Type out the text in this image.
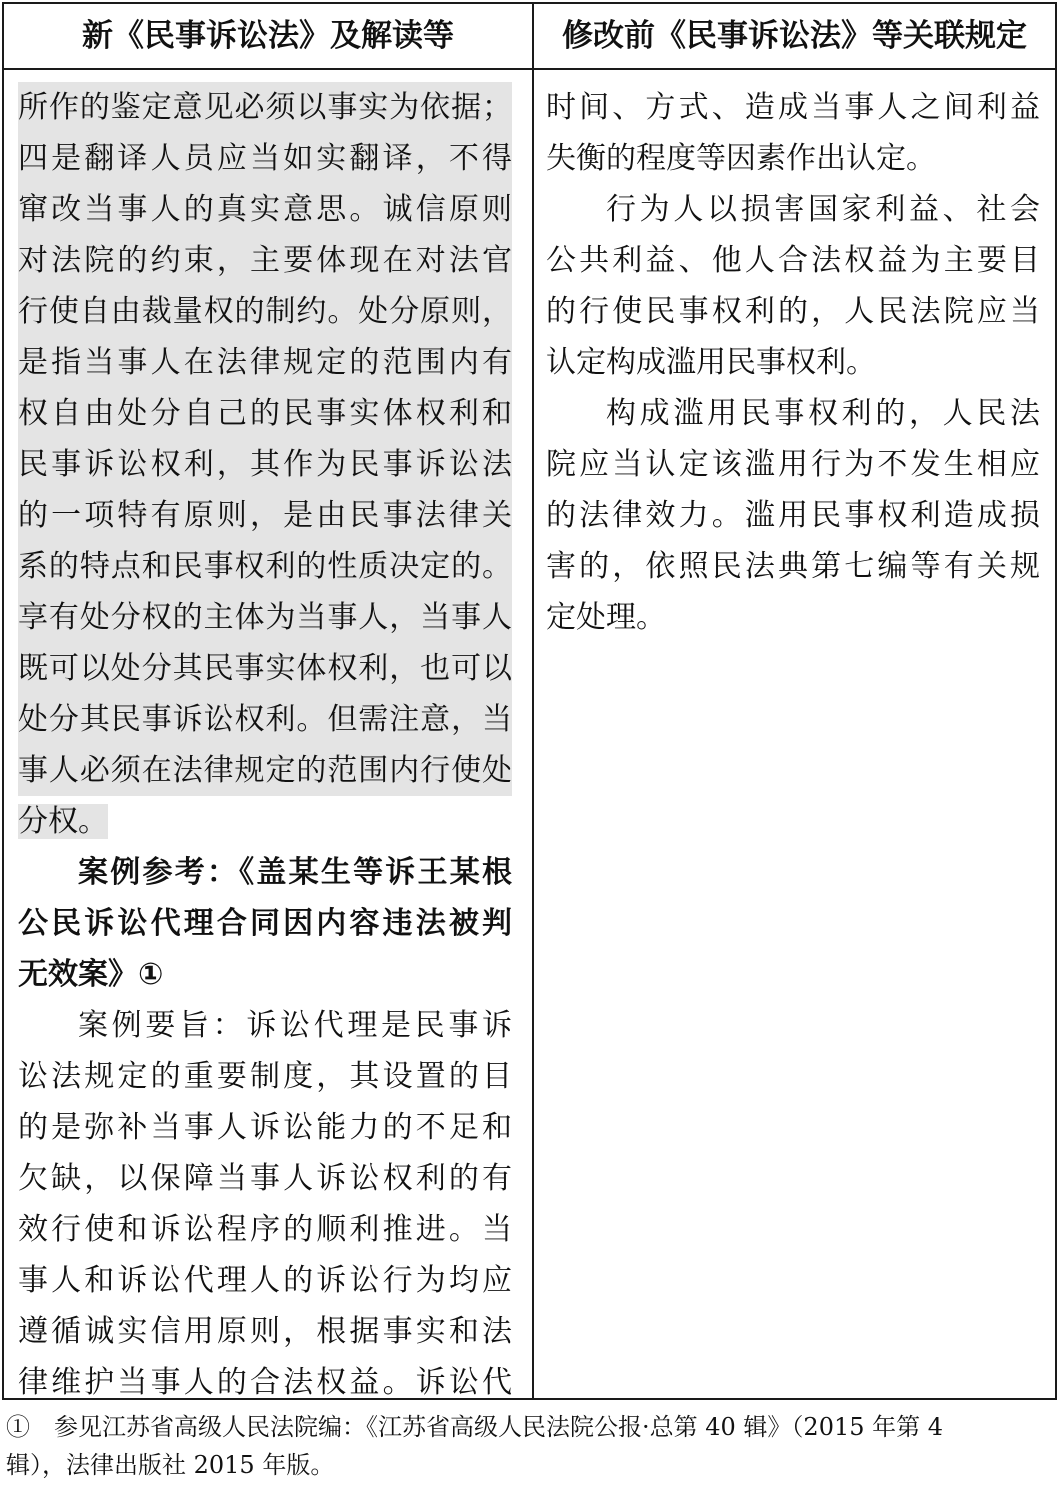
新《民事诉讼法》及解读等	修改前《民事诉讼法》等关联规定
所作的鉴定意见必须以事实为依据；
四是翻译人员应当如实翻译，不得
窜改当事人的真实意思。诚信原则
对法院的约束，主要体现在对法官
行使自由裁量权的制约。处分原则，
是指当事人在法律规定的范围内有
权自由处分自己的民事实体权利和
民事诉讼权利，其作为民事诉讼法
的一项特有原则，是由民事法律关
系的特点和民事权利的性质决定的。
享有处分权的主体为当事人，当事人
既可以处分其民事实体权利，也可以
处分其民事诉讼权利。但需注意，当
事人必须在法律规定的范围内行使处
分权。
案例参考：《盖某生等诉王某根
公民诉讼代理合同因内容违法被判
无效案》①
案例要旨：诉讼代理是民事诉
讼法规定的重要制度，其设置的目
的是弥补当事人诉讼能力的不足和
欠缺，以保障当事人诉讼权利的有
效行使和诉讼程序的顺利推进。当
事人和诉讼代理人的诉讼行为均应
遵循诚实信用原则，根据事实和法
律维护当事人的合法权益。诉讼代
时间、方式、造成当事人之间利益
失衡的程度等因素作出认定。
行为人以损害国家利益、社会
公共利益、他人合法权益为主要目
的行使民事权利的，人民法院应当
认定构成滥用民事权利。
构成滥用民事权利的，人民法
院应当认定该滥用行为不发生相应
的法律效力。滥用民事权利造成损
害的，依照民法典第七编等有关规
定处理。
①　参见江苏省高级人民法院编：《江苏省高级人民法院公报·总第 40 辑》（2015 年第 4
辑），法律出版社 2015 年版。
